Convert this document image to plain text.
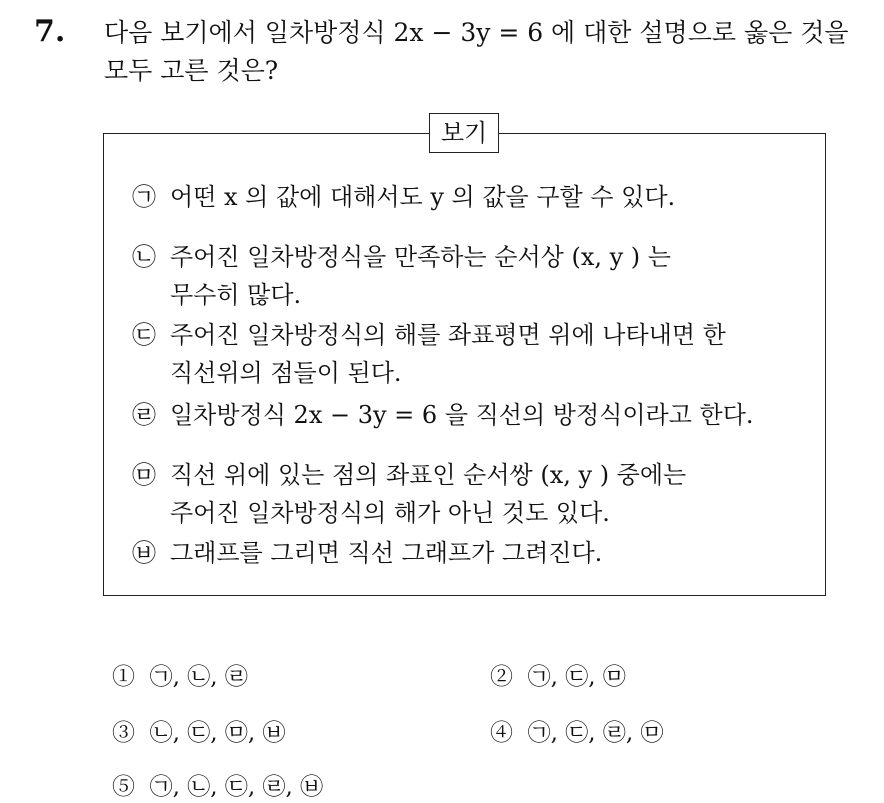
7. 다음 보기에서 일차방정식 2x − 3y = 6 에 대한 설명으로 옳은 것을
모두 고른 것은?
보기
㉠ 어떤 x 의 값에 대해서도 y 의 값을 구할 수 있다.
㉡ 주어진 일차방정식을 만족하는 순서상 (x, y ) 는
무수히 많다.
㉢ 주어진 일차방정식의 해를 좌표평면 위에 나타내면 한
직선위의 점들이 된다.
㉣ 일차방정식 2x − 3y = 6 을 직선의 방정식이라고 한다.
㉤ 직선 위에 있는 점의 좌표인 순서쌍 (x, y ) 중에는
주어진 일차방정식의 해가 아닌 것도 있다.
㉥ 그래프를 그리면 직선 그래프가 그려진다.
① ㉠, ㉡, ㉣	② ㉠, ㉢, ㉤
③ ㉡, ㉢, ㉤, ㉥	④ ㉠, ㉢, ㉣, ㉤
⑤ ㉠, ㉡, ㉢, ㉣, ㉥
